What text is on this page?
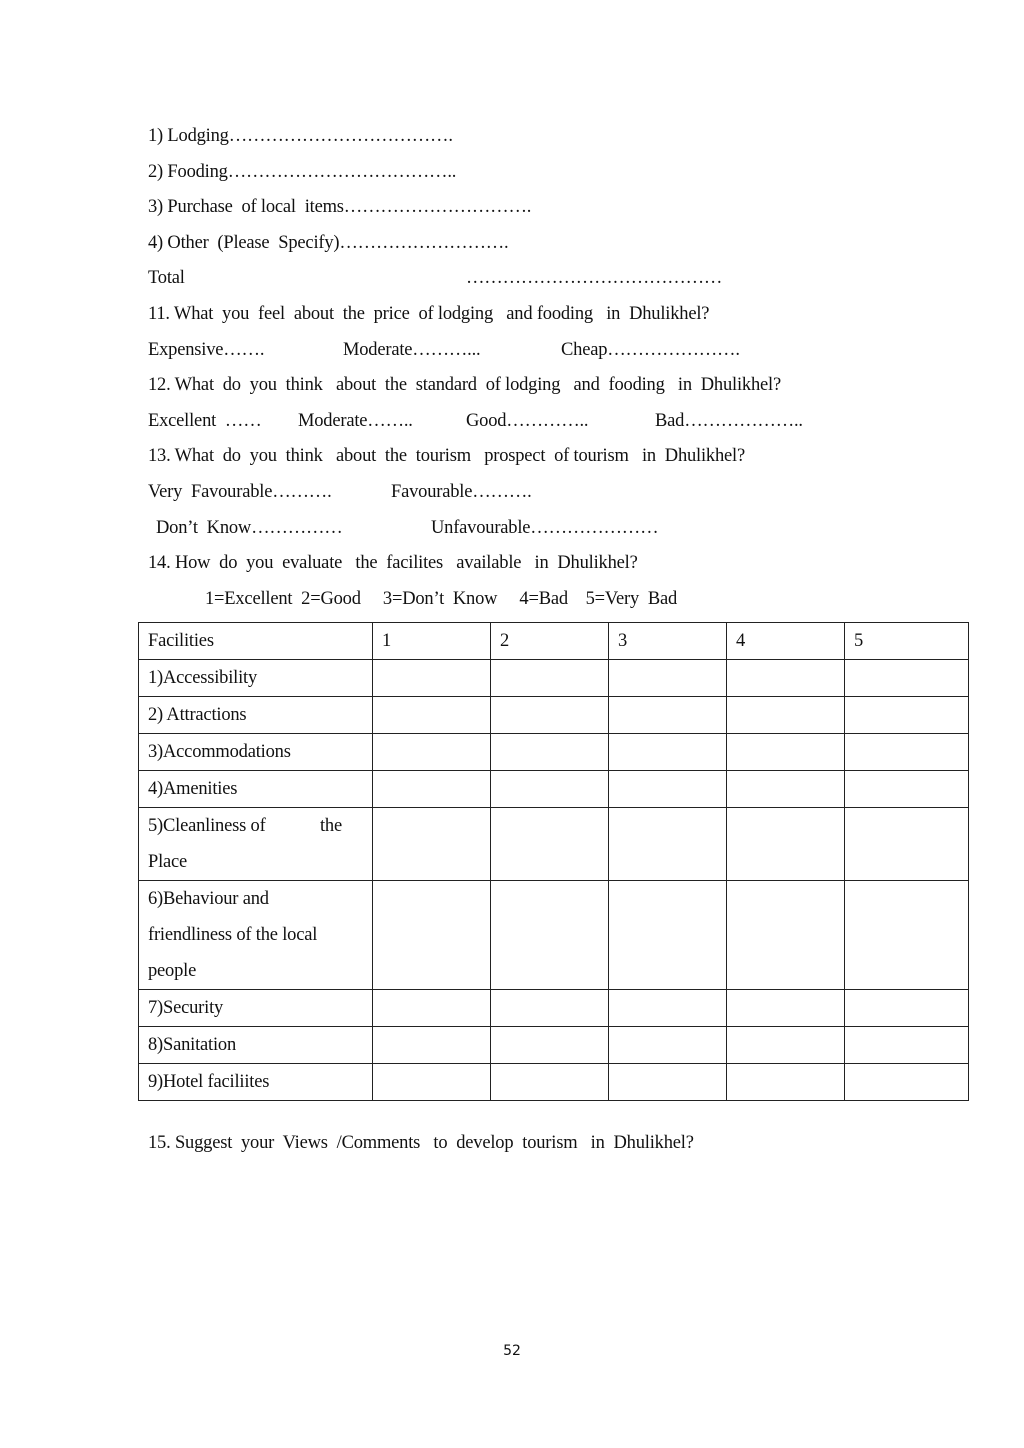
1) Lodging……………………………….
2) Fooding………………………………..
3) Purchase  of local  items………………………….
4) Other  (Please  Specify)……………………….
Total	……………………………………
11. What  you  feel  about  the  price  of lodging   and fooding   in  Dhulikhel?
Expensive…….	Moderate………...	Cheap………………….
12. What  do  you  think   about  the  standard  of lodging   and  fooding   in  Dhulikhel?
Excellent  …… Moderate……..	Good…………..	Bad………………..
13. What  do  you  think   about  the  tourism   prospect  of tourism   in  Dhulikhel?
Very  Favourable……….	Favourable……….
Don’t  Know……………	Unfavourable…………………
14. How  do  you  evaluate   the  facilites   available   in  Dhulikhel?
1=Excellent  2=Good     3=Don’t  Know     4=Bad    5=Very  Bad
Facilities	1	2	3	4	5
1)Accessibility					
2) Attractions					
3)Accommodations					
4)Amenities					

5)Cleanliness of the
Place					

6)Behaviour and
friendliness of the local
people					

7)Security					
8)Sanitation					
9)Hotel faciliites					
15. Suggest  your  Views  /Comments   to  develop  tourism   in  Dhulikhel?
52
